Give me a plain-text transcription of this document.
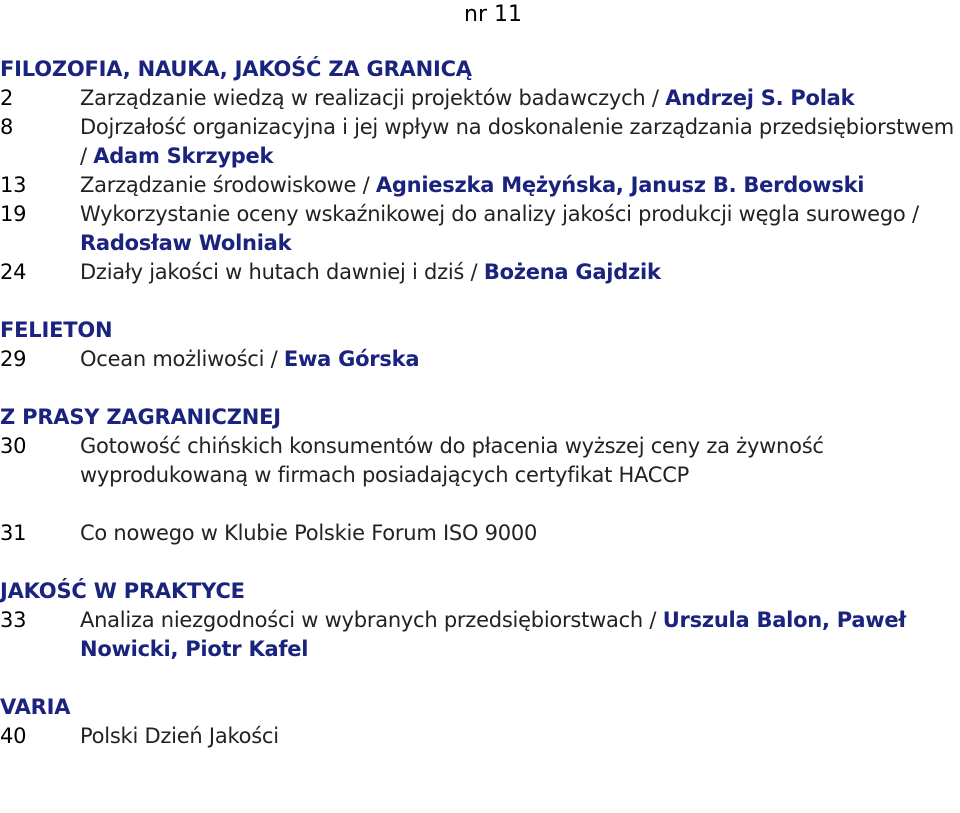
nr 11
FILOZOFIA, NAUKA, JAKOŚĆ ZA GRANICĄ
2	Zarządzanie wiedzą w realizacji projektów badawczych / Andrzej S. Polak
8	Dojrzałość organizacyjna i jej wpływ na doskonalenie zarządzania przedsiębiorstwem / Adam Skrzypek
13	Zarządzanie środowiskowe / Agnieszka Mężyńska, Janusz B. Berdowski
19	Wykorzystanie oceny wskaźnikowej do analizy jakości produkcji węgla surowego / Radosław Wolniak
24	Działy jakości w hutach dawniej i dziś / Bożena Gajdzik
FELIETON
29	Ocean możliwości / Ewa Górska
Z PRASY ZAGRANICZNEJ
30	Gotowość chińskich konsumentów do płacenia wyższej ceny za żywność wyprodukowaną w firmach posiadających certyfikat HACCP
31	Co nowego w Klubie Polskie Forum ISO 9000
JAKOŚĆ W PRAKTYCE
33	Analiza niezgodności w wybranych przedsiębiorstwach / Urszula Balon, Paweł Nowicki, Piotr Kafel
VARIA
40	Polski Dzień Jakości
